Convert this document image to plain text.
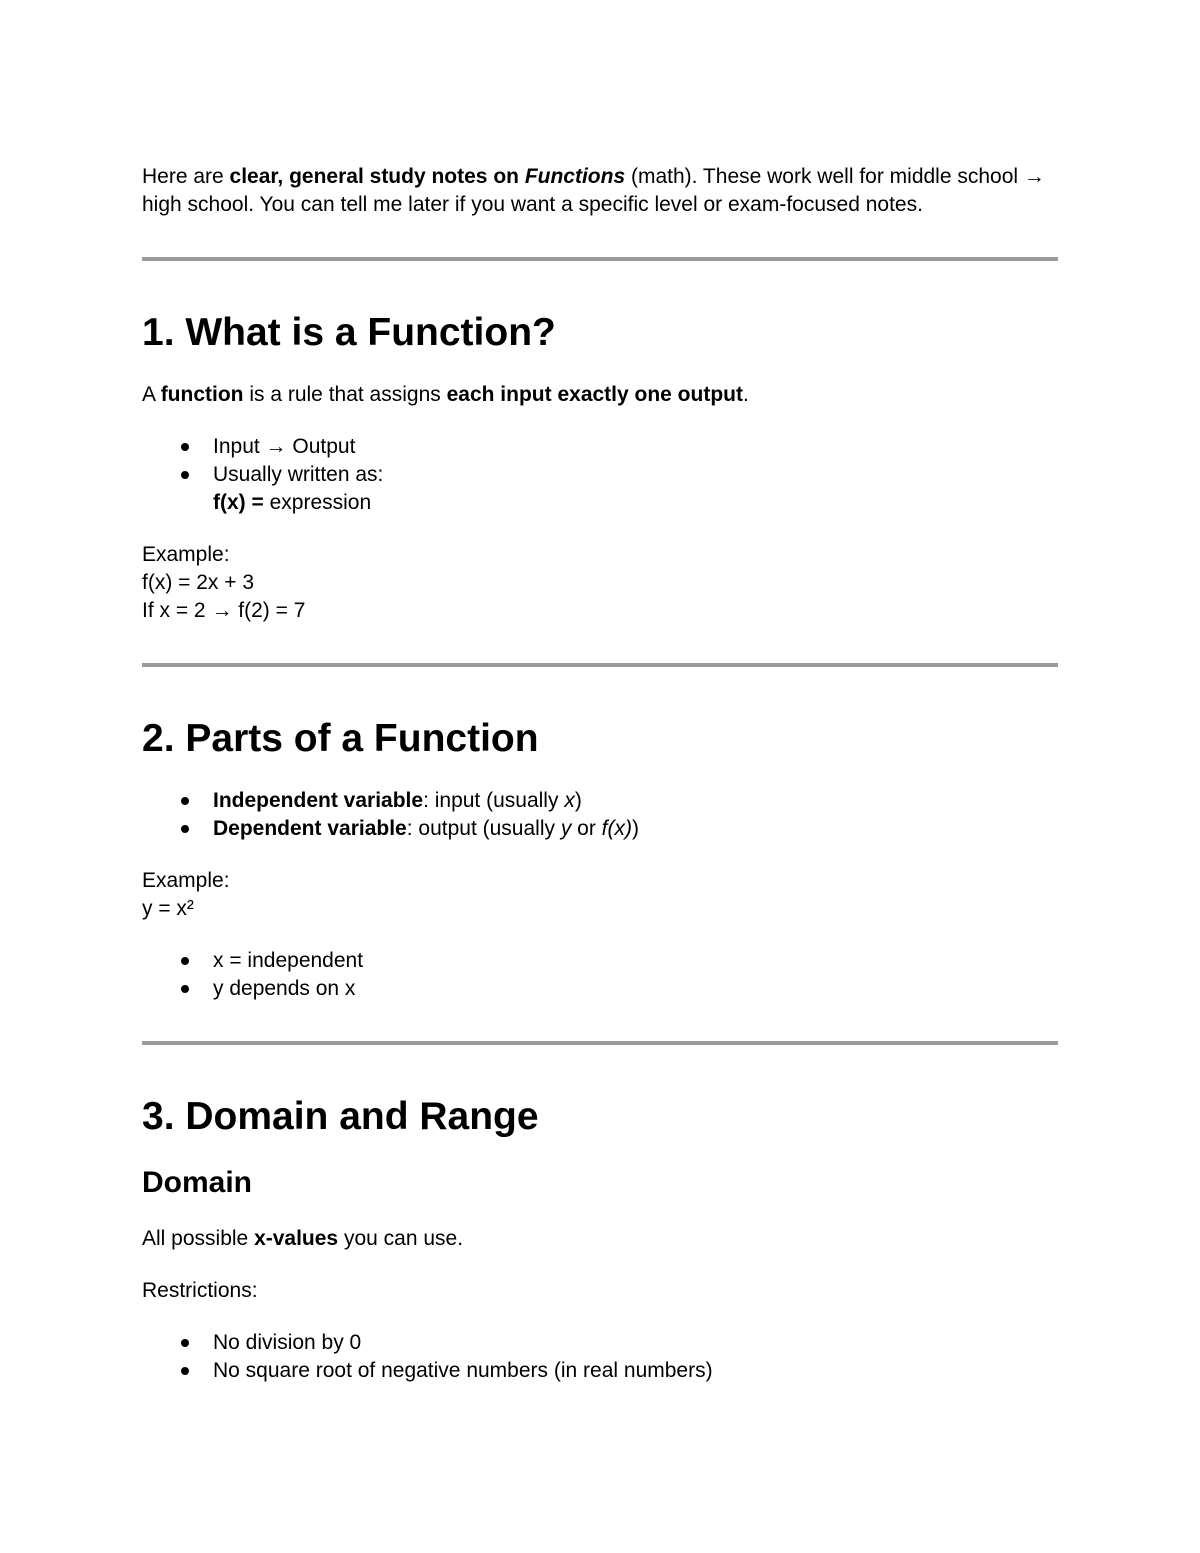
Here are clear, general study notes on Functions (math). These work well for middle school → high school. You can tell me later if you want a specific level or exam-focused notes.

1. What is a Function?

A function is a rule that assigns each input exactly one output.

Input → Output
Usually written as:
f(x) = expression

Example:
f(x) = 2x + 3
If x = 2 → f(2) = 7

2. Parts of a Function
Independent variable: input (usually x)
Dependent variable: output (usually y or f(x))

Example:
y = x²

x = independent
y depends on x
3. Domain and Range
Domain

All possible x-values you can use.

Restrictions:

No division by 0
No square root of negative numbers (in real numbers)
